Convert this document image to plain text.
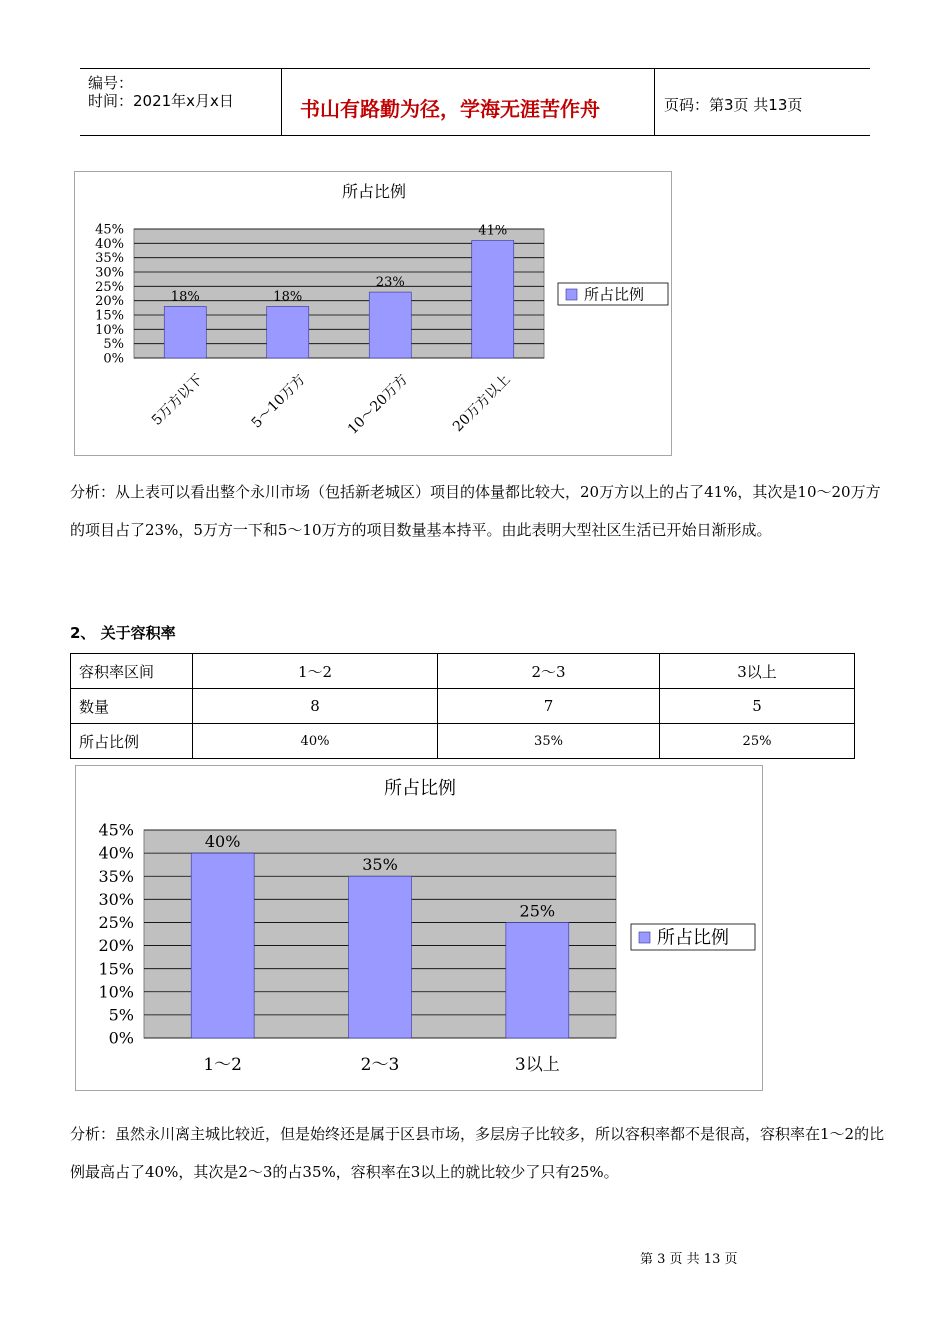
编号：
时间：2021年x月x日	书山有路勤为径，学海无涯苦作舟	页码：第3页 共13页
所占比例
0%
5%
10%
15%
20%
25%
30%
35%
40%
45%
18%
5万方以下
18%
5～10万方
23%
10～20万方
41%
20万方以上
所占比例
分析：从上表可以看出整个永川市场（包括新老城区）项目的体量都比较大，20万方以上的占了41%，其次是10～20万方的项目占了23%，5万方一下和5～10万方的项目数量基本持平。由此表明大型社区生活已开始日渐形成。
2、 关于容积率
容积率区间	1～2	2～3	3以上
数量	8	7	5
所占比例	40%	35%	25%
所占比例
0%
5%
10%
15%
20%
25%
30%
35%
40%
45%
40%
1～2
35%
2～3
25%
3以上
所占比例
分析：虽然永川离主城比较近，但是始终还是属于区县市场，多层房子比较多，所以容积率都不是很高，容积率在1～2的比例最高占了40%，其次是2～3的占35%，容积率在3以上的就比较少了只有25%。
第 3 页 共 13 页
